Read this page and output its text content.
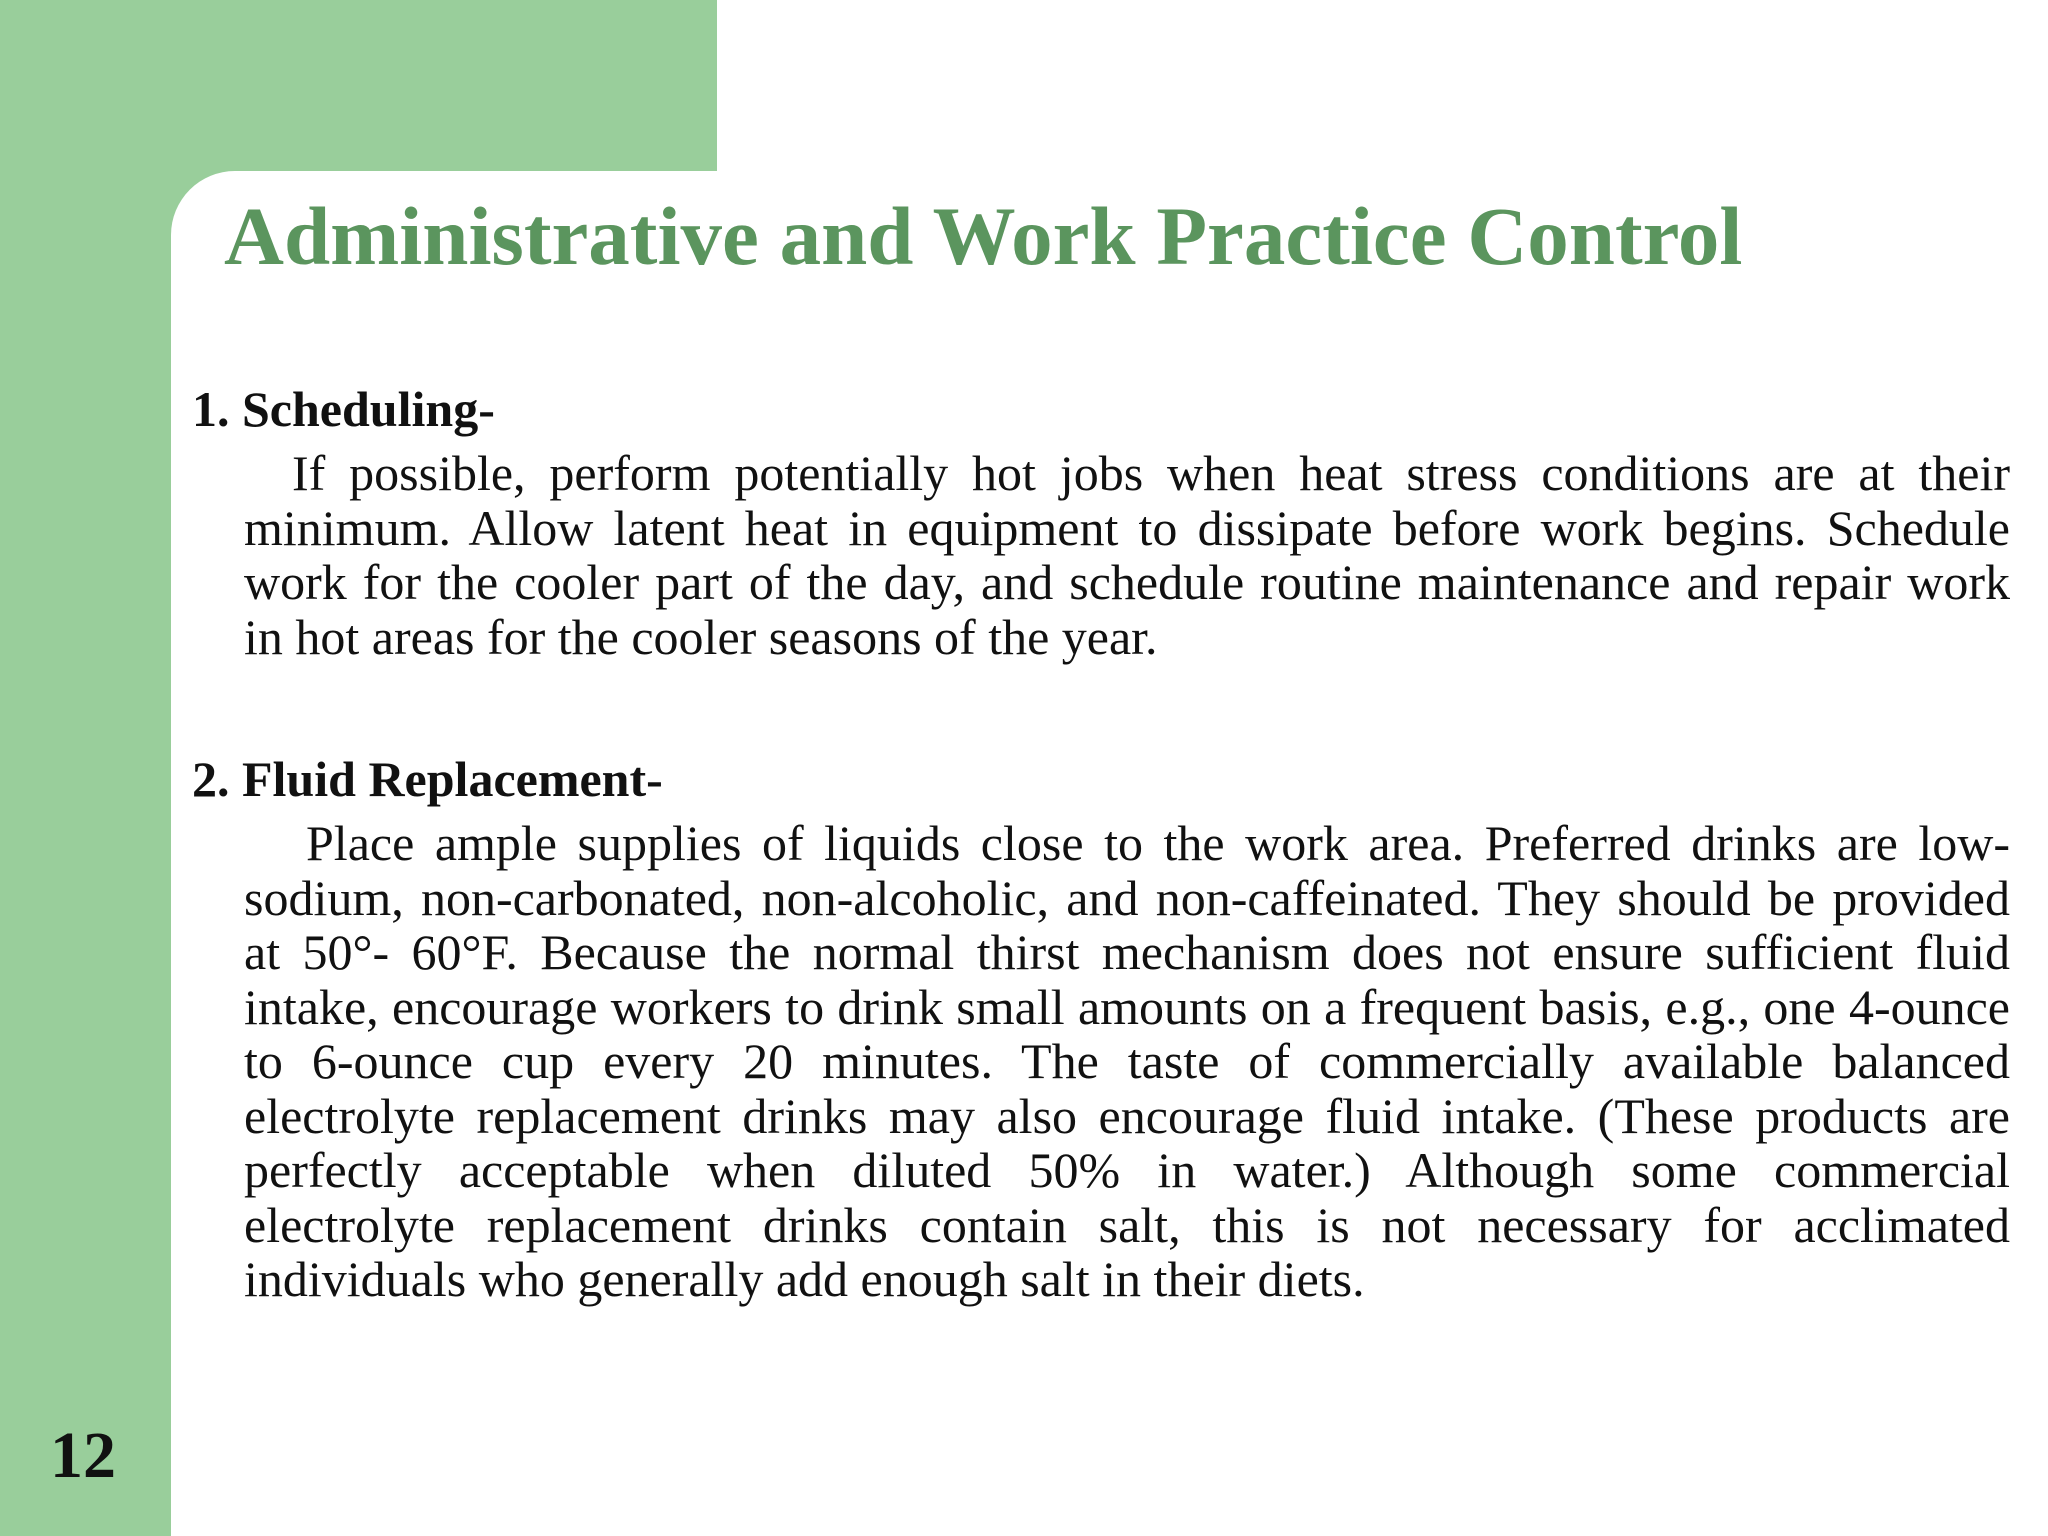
Administrative and Work Practice Control
1. Scheduling-

If possible, perform potentially hot jobs when heat stress conditions are at their minimum. Allow latent heat in equipment to dissipate before work begins. Schedule work for the cooler part of the day, and schedule routine maintenance and repair work in hot areas for the cooler seasons of the year.

2. Fluid Replacement-

Place ample supplies of liquids close to the work area. Preferred drinks are low-sodium, non-carbonated, non-alcoholic, and non-caffeinated. They should be provided at 50°- 60°F. Because the normal thirst mechanism does not ensure sufficient fluid intake, encourage workers to drink small amounts on a frequent basis, e.g., one 4-ounce to 6-ounce cup every 20 minutes. The taste of commercially available balanced electrolyte replacement drinks may also encourage fluid intake. (These products are perfectly acceptable when diluted 50% in water.) Although some commercial electrolyte replacement drinks contain salt, this is not necessary for acclimated individuals who generally add enough salt in their diets.

12
